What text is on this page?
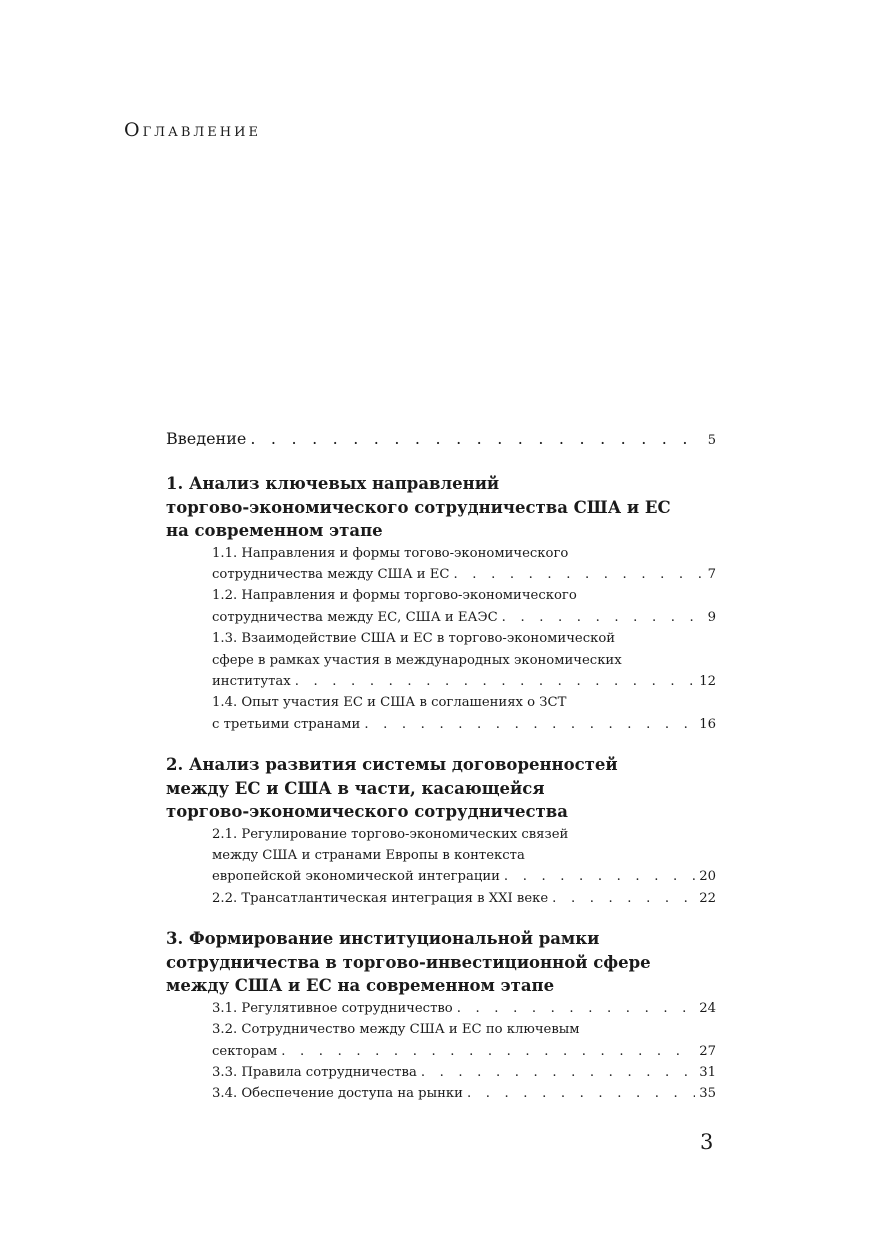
Оглавление
Введение . . .	5
1. Анализ ключевых направлений
торгово-экономического сотрудничества США и ЕС
на современном этапе
1.1. Направления и формы тогово-экономического
сотрудничества между США и ЕС . . .	7
1.2. Направления и формы торгово-экономического
сотрудничества между ЕС, США и ЕАЭС . . .	9
1.3. Взаимодействие США и ЕС в торгово-экономической
сфере в рамках участия в международных экономических
институтах . . .	12
1.4. Опыт участия ЕС и США в соглашениях о ЗСТ
с третьими странами . . .	16
2. Анализ развития системы договоренностей
между ЕС и США в части, касающейся
торгово-экономического сотрудничества
2.1. Регулирование торгово-экономических связей
между США и странами Европы в контекста
европейской экономической интеграции . . .	20
2.2. Трансатлантическая интеграция в XXI веке . . .	22
3. Формирование институциональной рамки
сотрудничества в торгово-инвестиционной сфере
между США и ЕС на современном этапе
3.1. Регулятивное сотрудничество . . .	24
3.2. Сотрудничество между США и ЕС по ключевым
секторам . . .	27
3.3. Правила сотрудничества . . .	31
3.4. Обеспечение доступа на рынки . . .	35
3
